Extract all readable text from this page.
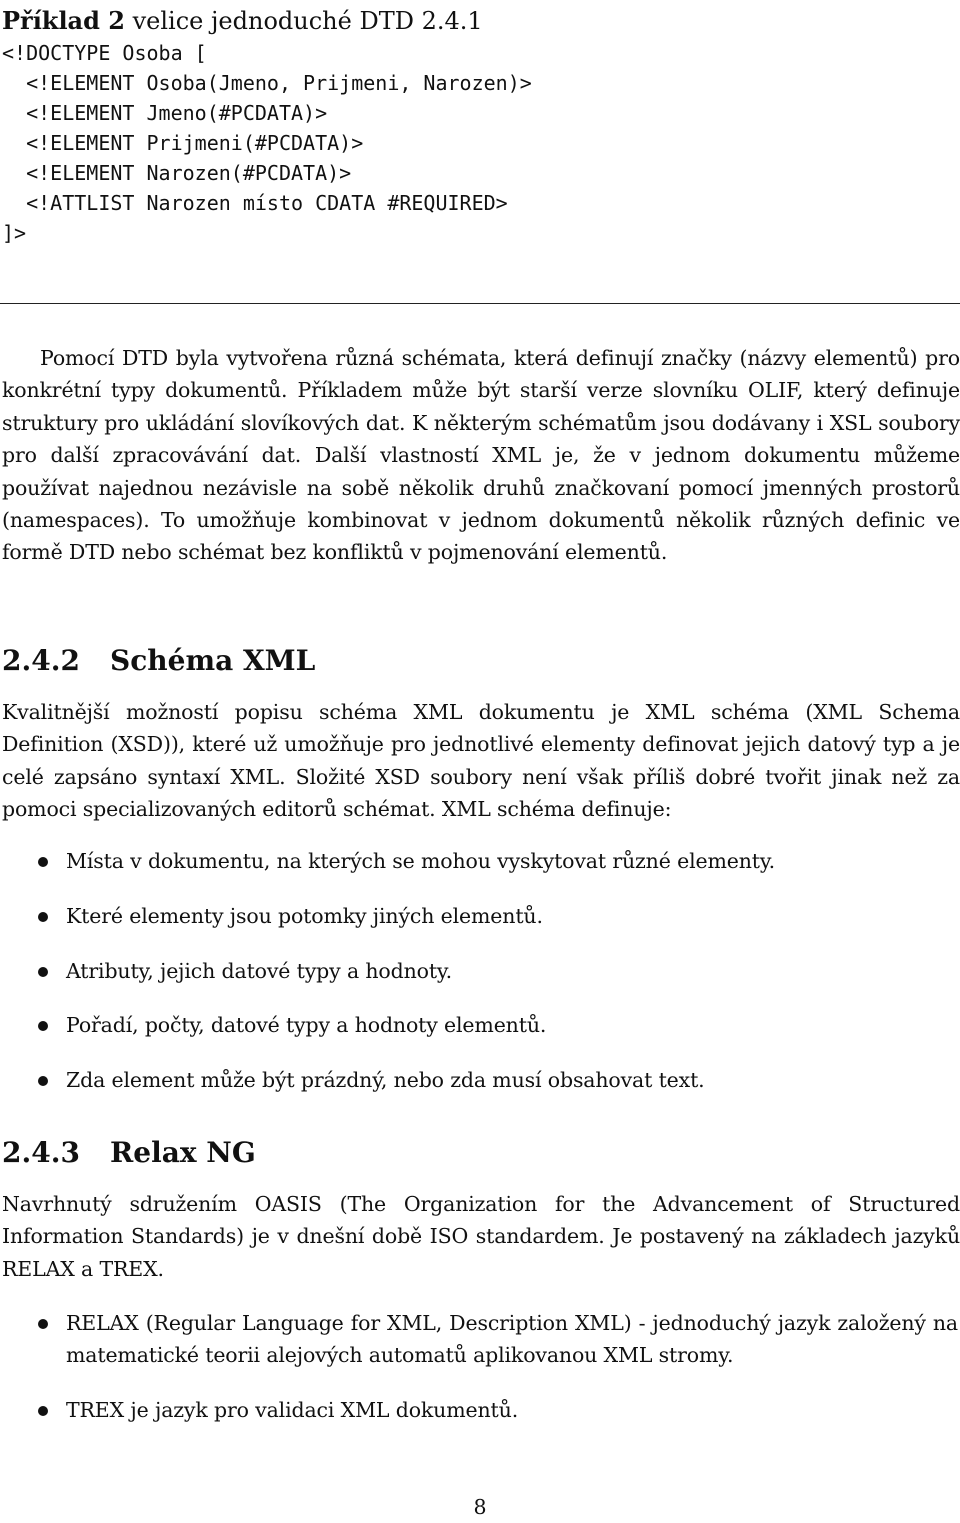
Příklad 2 velice jednoduché DTD 2.4.1
<!DOCTYPE Osoba [
<!ELEMENT Osoba(Jmeno, Prijmeni, Narozen)>
<!ELEMENT Jmeno(#PCDATA)>
<!ELEMENT Prijmeni(#PCDATA)>
<!ELEMENT Narozen(#PCDATA)>
<!ATTLIST Narozen místo CDATA #REQUIRED>
]>

Pomocí DTD byla vytvořena různá schémata, která definují značky (názvy elementů) pro konkrétní typy dokumentů. Příkladem může být starší verze slovníku OLIF, který definuje struktury pro ukládání slovíkových dat. K některým schématům jsou dodávany i XSL soubory pro další zpracovávání dat. Další vlastností XML je, že v jednom dokumentu můžeme používat najednou nezávisle na sobě několik druhů značkovaní pomocí jmenných prostorů (namespaces). To umožňuje kombinovat v jednom dokumentů několik různých definic ve formě DTD nebo schémat bez konfliktů v pojmenování elementů.

2.4.2 Schéma XML

Kvalitnější možností popisu schéma XML dokumentu je XML schéma (XML Schema Definition (XSD)), které už umožňuje pro jednotlivé elementy definovat jejich datový typ a je celé zapsáno syntaxí XML. Složité XSD soubory není však příliš dobré tvořit jinak než za pomoci specializovaných editorů schémat. XML schéma definuje:

Místa v dokumentu, na kterých se mohou vyskytovat různé elementy.
Které elementy jsou potomky jiných elementů.
Atributy, jejich datové typy a hodnoty.
Pořadí, počty, datové typy a hodnoty elementů.
Zda element může být prázdný, nebo zda musí obsahovat text.
2.4.3 Relax NG

Navrhnutý sdružením OASIS (The Organization for the Advancement of Structured Information Standards) je v dnešní době ISO standardem. Je postavený na základech jazyků RELAX a TREX.

RELAX (Regular Language for XML, Description XML) - jednoduchý jazyk založený na matematické teorii alejových automatů aplikovanou XML stromy.
TREX je jazyk pro validaci XML dokumentů.
8
